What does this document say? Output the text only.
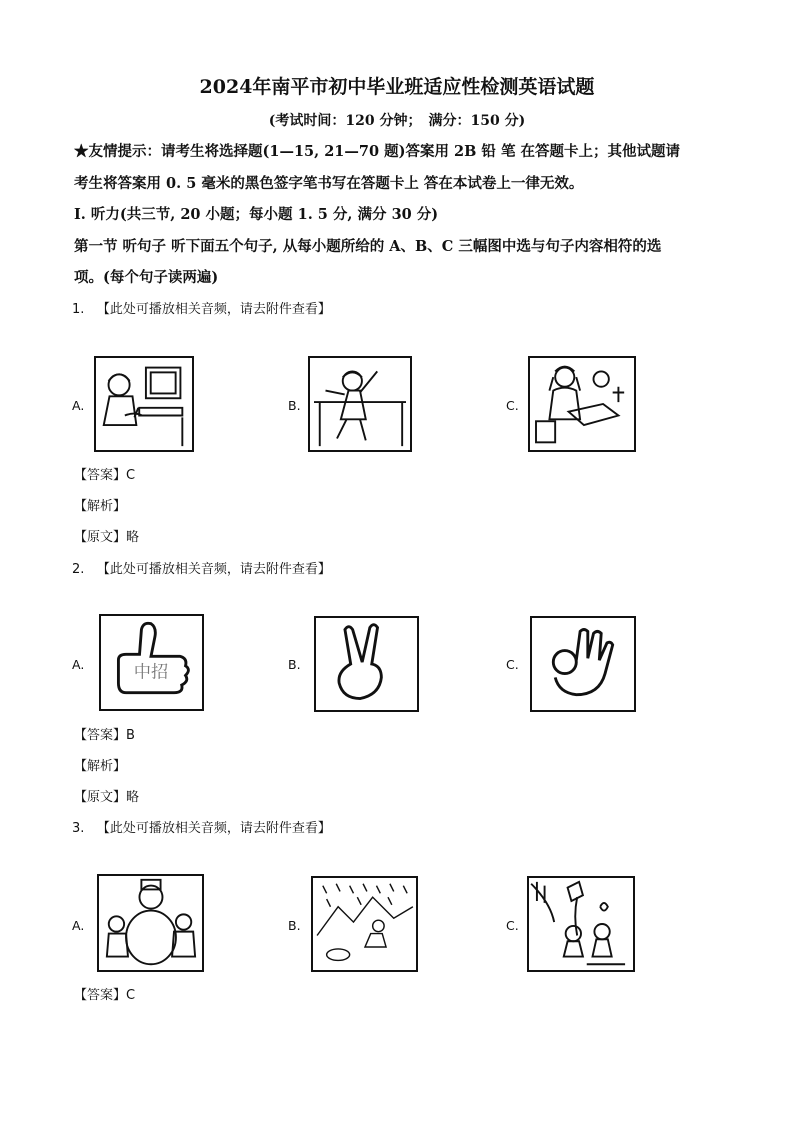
2024年南平市初中毕业班适应性检测英语试题
(考试时间：120 分钟；　满分：150 分)
★友情提示：请考生将选择题(1—15, 21—70 题)答案用 2B 铅 笔 在答题卡上；其他试题请
考生将答案用 0. 5 毫米的黑色签字笔书写在答题卡上 答在本试卷上一律无效。
I. 听力(共三节, 20 小题；每小题 1. 5 分, 满分 30 分)
第一节 听句子 听下面五个句子, 从每小题所给的 A、B、C 三幅图中选与句子内容相符的选
项。(每个句子读两遍)
1. 【此处可播放相关音频，请去附件查看】
A.	B.	C.
【答案】C
【解析】
【原文】略
2. 【此处可播放相关音频，请去附件查看】
A.	中招	B.	C.
【答案】B
【解析】
【原文】略
3. 【此处可播放相关音频，请去附件查看】
A.	B.	C.
【答案】C
